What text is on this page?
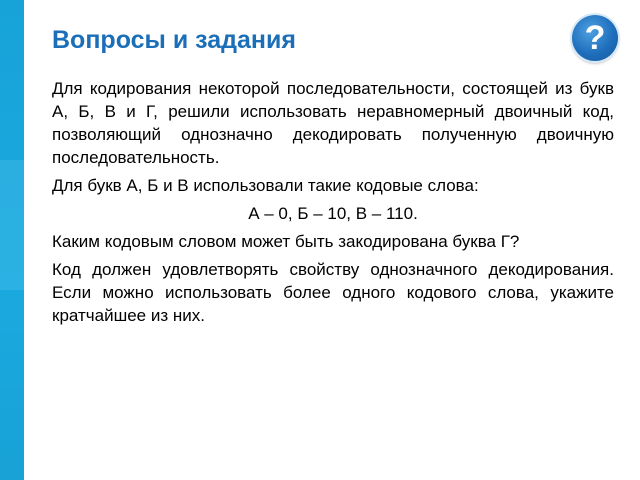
Вопросы и задания	?

Для кодирования некоторой последовательности, состоящей из букв А, Б, В и Г, решили использовать неравномерный двоичный код, позволяющий однозначно декодировать полученную двоичную последовательность.

Для букв А, Б и В использовали такие кодовые слова:

А – 0, Б – 10, В – 110.

Каким кодовым словом может быть закодирована буква Г?

Код должен удовлетворять свойству однозначного декодирования. Если можно использовать более одного кодового слова, укажите кратчайшее из них.
